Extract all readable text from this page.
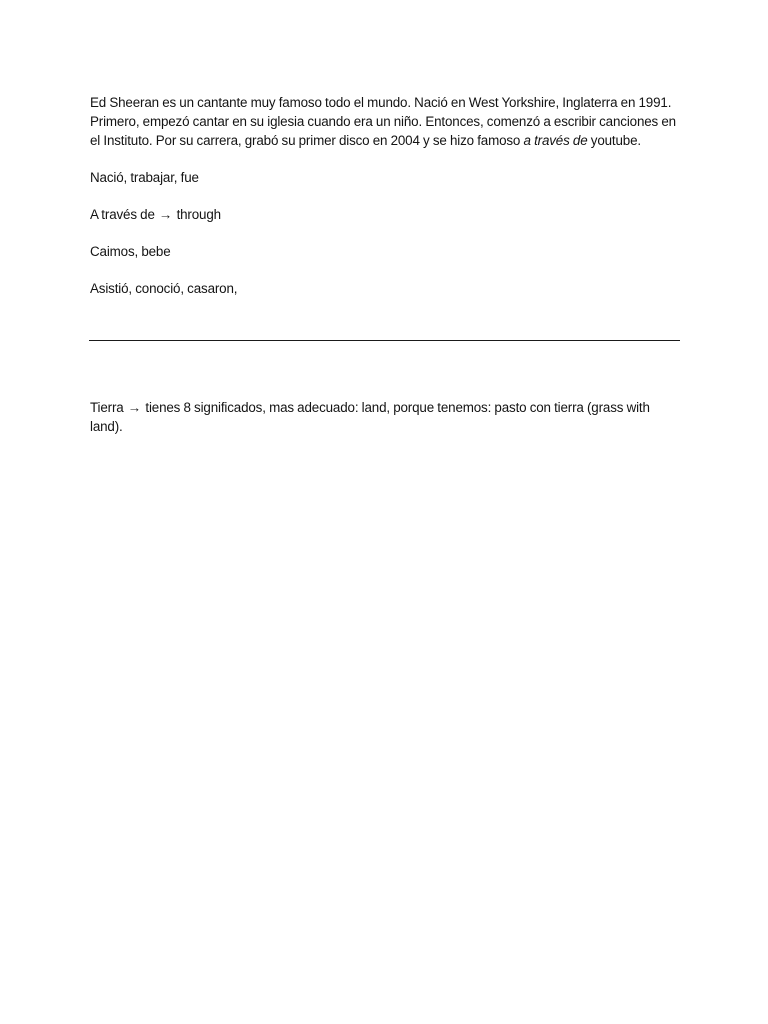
Ed Sheeran es un cantante muy famoso todo el mundo. Nació en West Yorkshire, Inglaterra en 1991. Primero, empezó cantar en su iglesia cuando era un niño. Entonces, comenzó a escribir canciones en el Instituto. Por su carrera, grabó su primer disco en 2004 y se hizo famoso a través de youtube.

Nació, trabajar, fue

A través de → through

Caimos, bebe

Asistió, conoció, casaron,

Tierra → tienes 8 significados, mas adecuado: land, porque tenemos: pasto con tierra (grass with land).
